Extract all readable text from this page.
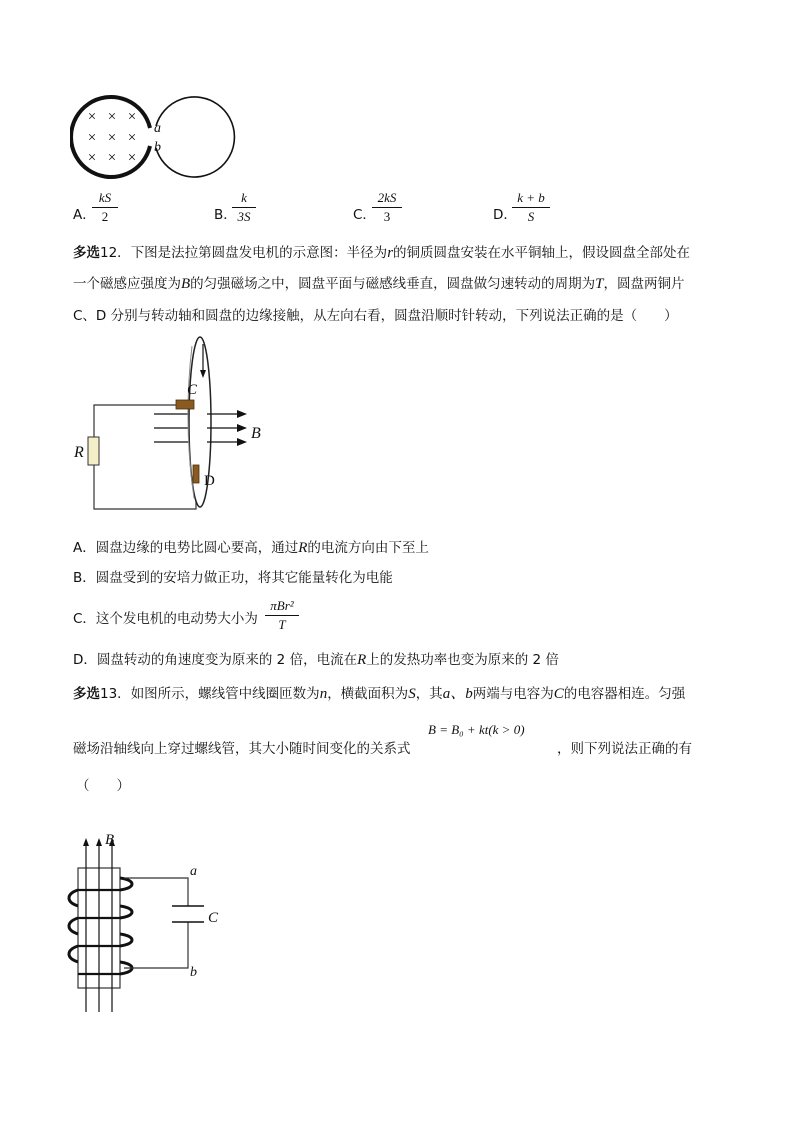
× × ×
× × ×
× × ×
a
b
A．
kS
2	B．
k
3S	C．
2kS
3	D．
k + b
S
多选12．下图是法拉第圆盘发电机的示意图：半径为r的铜质圆盘安装在水平铜轴上，假设圆盘全部处在
一个磁感应强度为B的匀强磁场之中，圆盘平面与磁感线垂直，圆盘做匀速转动的周期为T，圆盘两铜片
C、D 分别与转动轴和圆盘的边缘接触，从左向右看，圆盘沿顺时针转动，下列说法正确的是（　　）
R
B
C
D
A．圆盘边缘的电势比圆心要高，通过R的电流方向由下至上
B．圆盘受到的安培力做正功，将其它能量转化为电能
C．这个发电机的电动势大小为
πBr²
T
D．圆盘转动的角速度变为原来的 2 倍，电流在R上的发热功率也变为原来的 2 倍
多选13．如图所示，螺线管中线圈匝数为n，横截面积为S，其a、b两端与电容为C的电容器相连。匀强
B = B₀ + kt(k > 0)
磁场沿轴线向上穿过螺线管，其大小随时间变化的关系式	，则下列说法正确的有
（　　）
B
C
a
b
